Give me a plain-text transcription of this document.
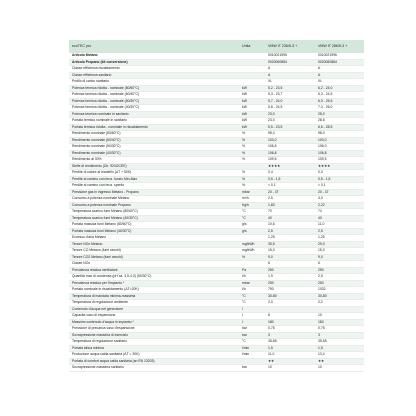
ecoTEC pro	Unità	VMW IT 236/5-3 +	VMW IT 286/5-3 +
Articolo Metano		0010021995	0010021996
Articolo Propano (kit conversione)		0020060884	0020060884
Classe efficienza riscaldamento		A	A
Classe efficienza sanitario		A	A
Profilo di carico sanitario		XL	XL
Potenza termica ridotta - nominale (80/60°C)	kW	5,2 - 23,5	6,2 - 24,0
Potenza termica ridotta - nominale (60/40°C)	kW	5,3 - 23,7	6,3 - 24,5
Potenza termica ridotta - nominale (50/30°C)	kW	5,7 - 24,0	6,9 - 25,5
Potenza termica ridotta - nominale (40/30°C)	kW	5,8 - 24,5	7,0 - 26,0
Potenza termica nominale in sanitario	kW	23,0	28,0
Portata termica nominale in sanitario	kW	23,0	28,6
Portata termica ridotta - nominale in riscaldamento	kW	5,5 - 23,5	6,6 - 28,5
Rendimento nominale (80/60°C)	%	98,4	98,0
Rendimento nominale (60/40°C)	%	103,0	103,0
Rendimento nominale (50/30°C)	%	106,5	106,0
Rendimento nominale (40/30°C)	%	106,8	106,8
Rendimento al 30%	%	109,5	109,5
Stelle di rendimento (Dir. 92/42CEE)		★★★★	★★★★
Perdite di calore al mantello (ΔT + 50K)	%	0,4	0,3
Perdite al camino con brus. funzio Min-Max	%	0,5 - 1,5	0,5 - 1,5
Perdite al camino con brus. spento	%	< 0,1	< 0,1
Pressione gas in ingresso Metano - Propano	mbar	20 - 37	20 - 37
Consumo a potenza nominale Metano	m³/h	2,5	3,0
Consumo a potenza nominale Propano	Kg/h	1,83	2,22
Temperatura scarico fumi Metano (80/60°C)	°C	70	74
Temperatura scarico fumi Metano (40/30°C)	°C	40	40
Portata massica fumi Metano (80/60°C)	g/s	10,6	11,0
Portata massica fumi Metano (40/30°C)	g/s	2,5	2,5
Eccesso d'aria Metano		1,25	1,25
Tenore NOx Metano	mg/kWh	35,5	29,0
Tenore CO Metano (fumi secchi)	mg/kWh	15,0	15,0
Tenore CO2 Metano (fumi secchi)	%	9,0	9,0
Classe NOx		6	6
Prevalenza residua ventilatore	Pa	250	250
Quantità max di condensa (pH ca. 3,5-4,0) (50/30°C)	l/h	1,9	2,5
Prevalenza residua per l'impianto *	mbar	250	250
Portata nominale in riscaldamento (ΔT=20K)	l/h	790	1032
Temperatura di mandata minima-massima	°C	30-80	30-80
Temperatura di regolazione ambiente	°C	2,0	2,2
Contenuto d'acqua nel generatore	l		
Capacità vaso di espansione	l	8	10
Massimo contenuto d'acqua in impianto *	l	180	180
Pressione di precarica vaso d'espansione	bar	0,75	0,75
Sovrapressione massima di esercizio	bar	3	3
Temperatura di regolazione sanitario	°C	35-65	35-65
Portata idrica minima	l/min	1,5	1,5
Produzione acqua calda sanitaria (ΔT = 30K)	l/min	11,0	13,4
Portata di comfort acqua calda sanitaria (sn EN 13203)		★★	★★
Sovrapressione massima sanitario	bar	10	10
